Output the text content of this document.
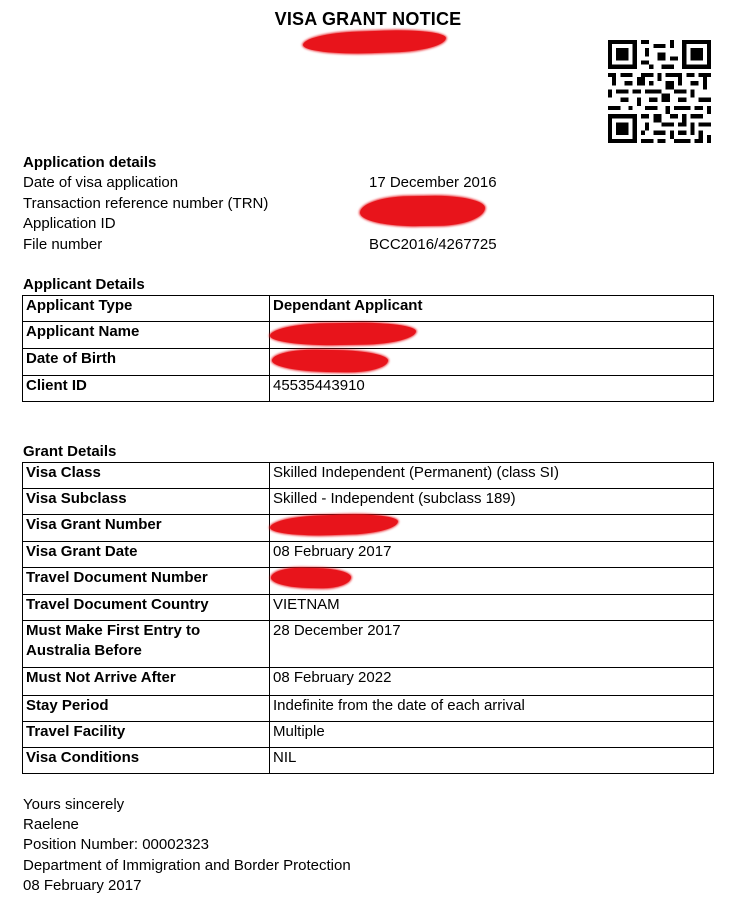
VISA GRANT NOTICE
Application details
Date of visa application	17 December 2016
Transaction reference number (TRN)
Application ID
File number	BCC2016/4267725
Applicant Details
Applicant Type	Dependant Applicant
Applicant Name	
Date of Birth	
Client ID	45535443910
Grant Details
Visa Class	Skilled Independent (Permanent) (class SI)
Visa Subclass	Skilled - Independent (subclass 189)
Visa Grant Number	
Visa Grant Date	08 February 2017
Travel Document Number	
Travel Document Country	VIETNAM
Must Make First Entry to Australia Before	28 December 2017
Must Not Arrive After	08 February 2022
Stay Period	Indefinite from the date of each arrival
Travel Facility	Multiple
Visa Conditions	NIL
Yours sincerely
Raelene
Position Number: 00002323
Department of Immigration and Border Protection
08 February 2017
